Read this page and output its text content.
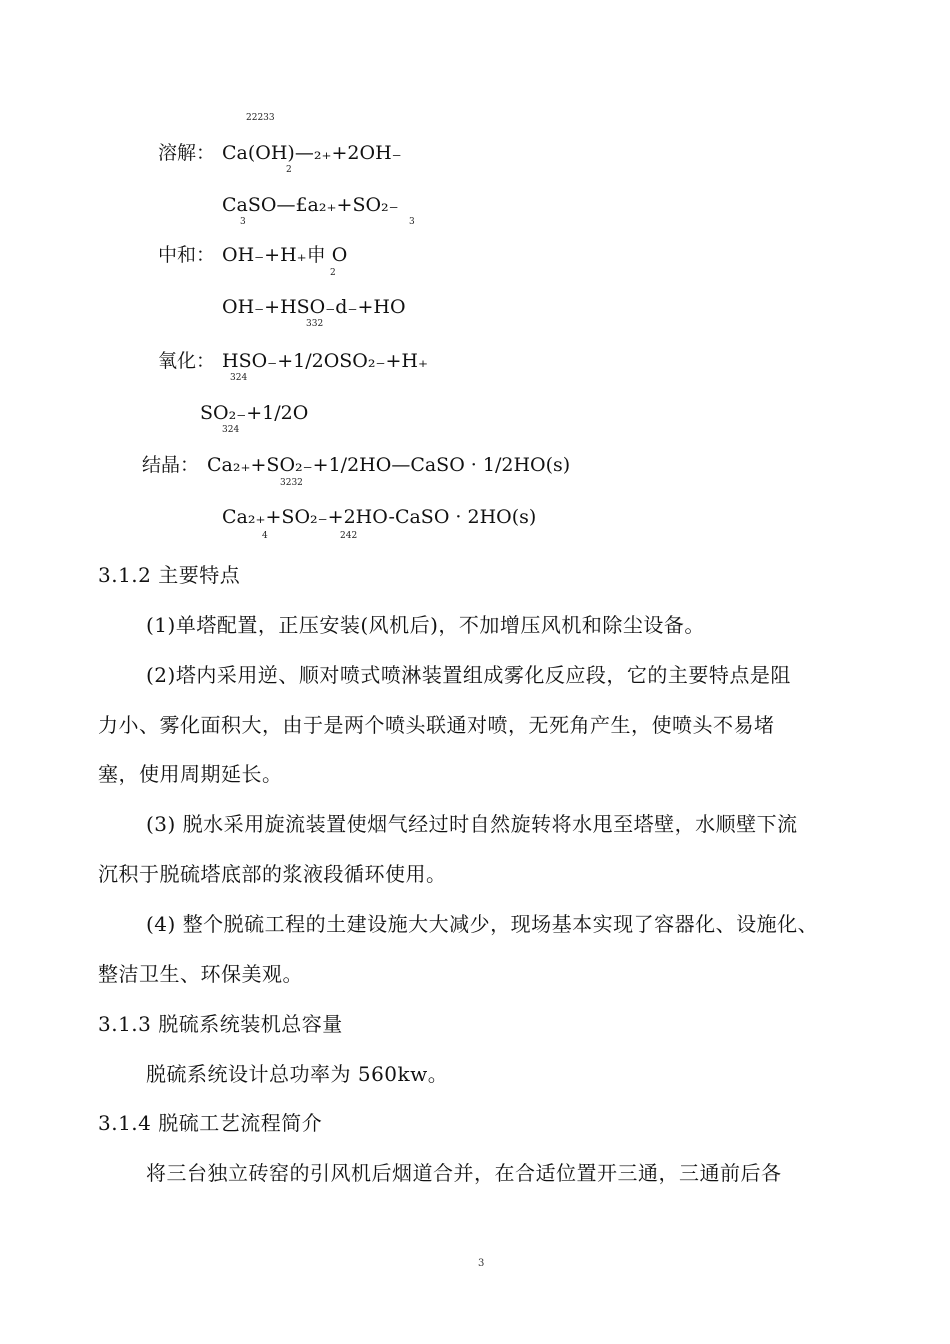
22233
溶解： Ca(OH)—₂₊+2OH₋
2
CaSO—£a₂₊+SO₂₋
3	3
中和： OH₋+H₊申 O
2
OH₋+HSO₋d₋+HO
332
氧化： HSO₋+1/2OSO₂₋+H₊
324
SO₂₋+1/2O
324
结晶： Ca₂₊+SO₂₋+1/2HO—CaSO · 1/2HO(s)
3232
Ca₂₊+SO₂₋+2HO-CaSO · 2HO(s)
4	242
3.1.2 主要特点
(1)单塔配置，正压安装(风机后)，不加增压风机和除尘设备。
(2)塔内采用逆、顺对喷式喷淋装置组成雾化反应段，它的主要特点是阻
力小、雾化面积大，由于是两个喷头联通对喷，无死角产生，使喷头不易堵
塞，使用周期延长。
(3) 脱水采用旋流装置使烟气经过时自然旋转将水甩至塔壁，水顺壁下流
沉积于脱硫塔底部的浆液段循环使用。
(4) 整个脱硫工程的土建设施大大减少，现场基本实现了容器化、设施化、
整洁卫生、环保美观。
3.1.3 脱硫系统装机总容量
脱硫系统设计总功率为 560kw。
3.1.4 脱硫工艺流程简介
将三台独立砖窑的引风机后烟道合并，在合适位置开三通，三通前后各
3
